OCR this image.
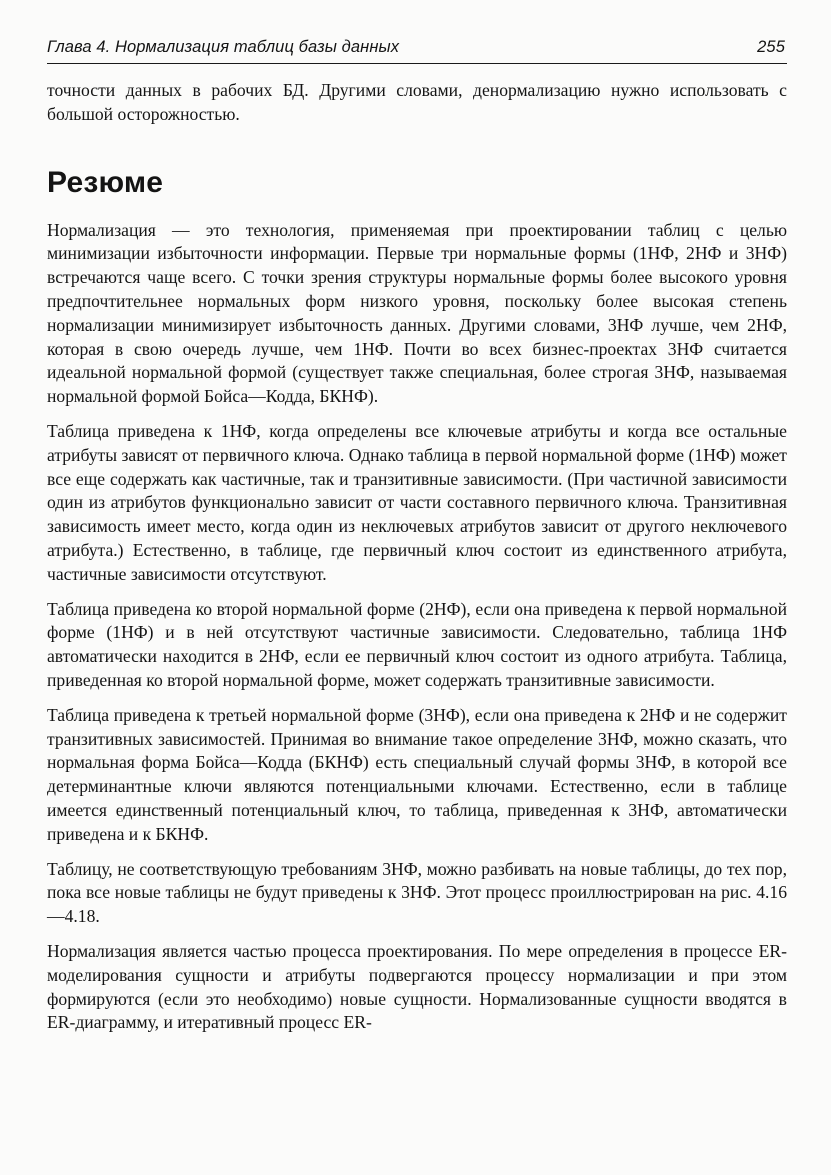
Глава 4. Нормализация таблиц базы данных	255

точности данных в рабочих БД. Другими словами, денормализацию нужно использовать с большой осторожностью.

Резюме

Нормализация — это технология, применяемая при проектировании таблиц с целью минимизации избыточности информации. Первые три нормальные формы (1НФ, 2НФ и 3НФ) встречаются чаще всего. С точки зрения структуры нормальные формы более высокого уровня предпочтительнее нормальных форм низкого уровня, поскольку более высокая степень нормализации минимизирует избыточность данных. Другими словами, 3НФ лучше, чем 2НФ, которая в свою очередь лучше, чем 1НФ. Почти во всех бизнес-проектах 3НФ считается идеальной нормальной формой (существует также специальная, более строгая 3НФ, называемая нормальной формой Бойса—Кодда, БКНФ).

Таблица приведена к 1НФ, когда определены все ключевые атрибуты и когда все остальные атрибуты зависят от первичного ключа. Однако таблица в первой нормальной форме (1НФ) может все еще содержать как частичные, так и транзитивные зависимости. (При частичной зависимости один из атрибутов функционально зависит от части составного первичного ключа. Транзитивная зависимость имеет место, когда один из неключевых атрибутов зависит от другого неключевого атрибута.) Естественно, в таблице, где первичный ключ состоит из единственного атрибута, частичные зависимости отсутствуют.

Таблица приведена ко второй нормальной форме (2НФ), если она приведена к первой нормальной форме (1НФ) и в ней отсутствуют частичные зависимости. Следовательно, таблица 1НФ автоматически находится в 2НФ, если ее первичный ключ состоит из одного атрибута. Таблица, приведенная ко второй нормальной форме, может содержать транзитивные зависимости.

Таблица приведена к третьей нормальной форме (3НФ), если она приведена к 2НФ и не содержит транзитивных зависимостей. Принимая во внимание такое определение 3НФ, можно сказать, что нормальная форма Бойса—Кодда (БКНФ) есть специальный случай формы 3НФ, в которой все детерминантные ключи являются потенциальными ключами. Естественно, если в таблице имеется единственный потенциальный ключ, то таблица, приведенная к 3НФ, автоматически приведена и к БКНФ.

Таблицу, не соответствующую требованиям 3НФ, можно разбивать на новые таблицы, до тех пор, пока все новые таблицы не будут приведены к 3НФ. Этот процесс проиллюстрирован на рис. 4.16—4.18.

Нормализация является частью процесса проектирования. По мере определения в процессе ER-моделирования сущности и атрибуты подвергаются процессу нормализации и при этом формируются (если это необходимо) новые сущности. Нормализованные сущности вводятся в ER-диаграмму, и итеративный процесс ER-
